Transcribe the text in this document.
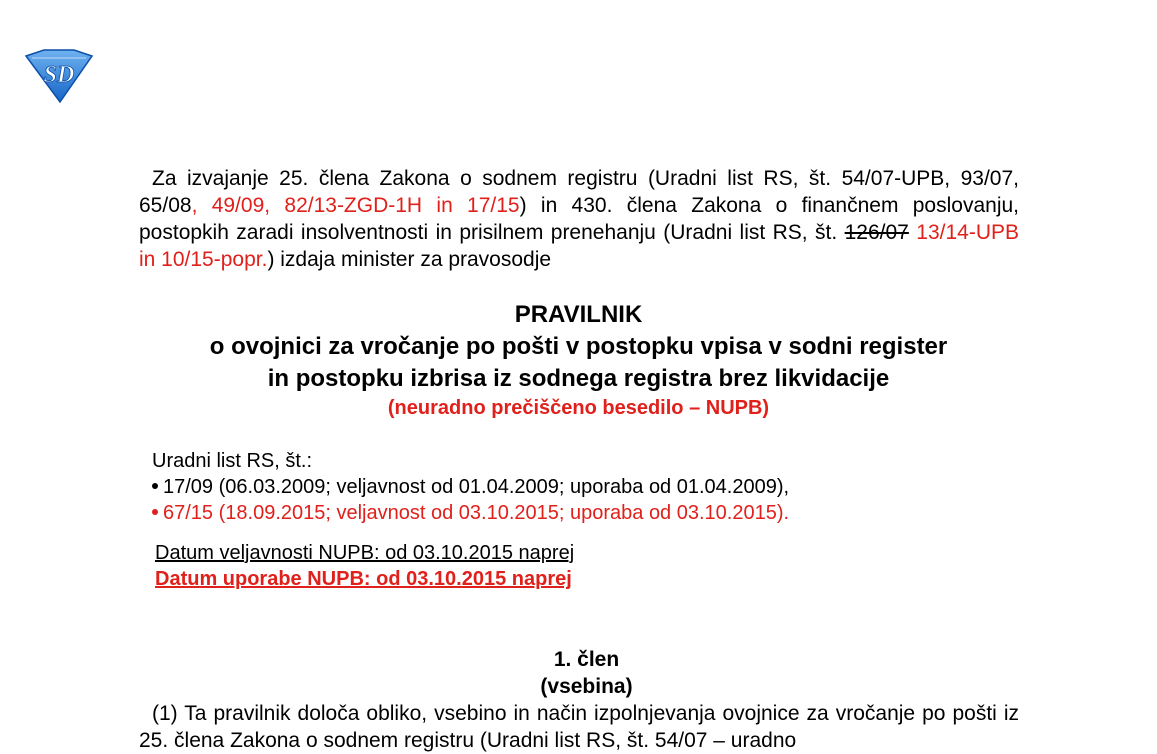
SD
Za izvajanje 25. člena Zakona o sodnem registru (Uradni list RS, št. 54/07-UPB, 93/07, 65/08, 49/09, 82/13-ZGD-1H in 17/15) in 430. člena Zakona o finančnem poslovanju, postopkih zaradi insolventnosti in prisilnem prenehanju (Uradni list RS, št. 126/07 13/14-UPB in 10/15-popr.) izdaja minister za pravosodje
PRAVILNIK
o ovojnici za vročanje po pošti v postopku vpisa v sodni register
in postopku izbrisa iz sodnega registra brez likvidacije
(neuradno prečiščeno besedilo – NUPB)
Uradni list RS, št.:
17/09 (06.03.2009; veljavnost od 01.04.2009; uporaba od 01.04.2009),
67/15 (18.09.2015; veljavnost od 03.10.2015; uporaba od 03.10.2015).
Datum veljavnosti NUPB: od 03.10.2015 naprej
Datum uporabe NUPB: od 03.10.2015 naprej
1. člen
(vsebina)
(1) Ta pravilnik določa obliko, vsebino in način izpolnjevanja ovojnice za vročanje po pošti iz 25. člena Zakona o sodnem registru (Uradni list RS, št. 54/07 – uradno
